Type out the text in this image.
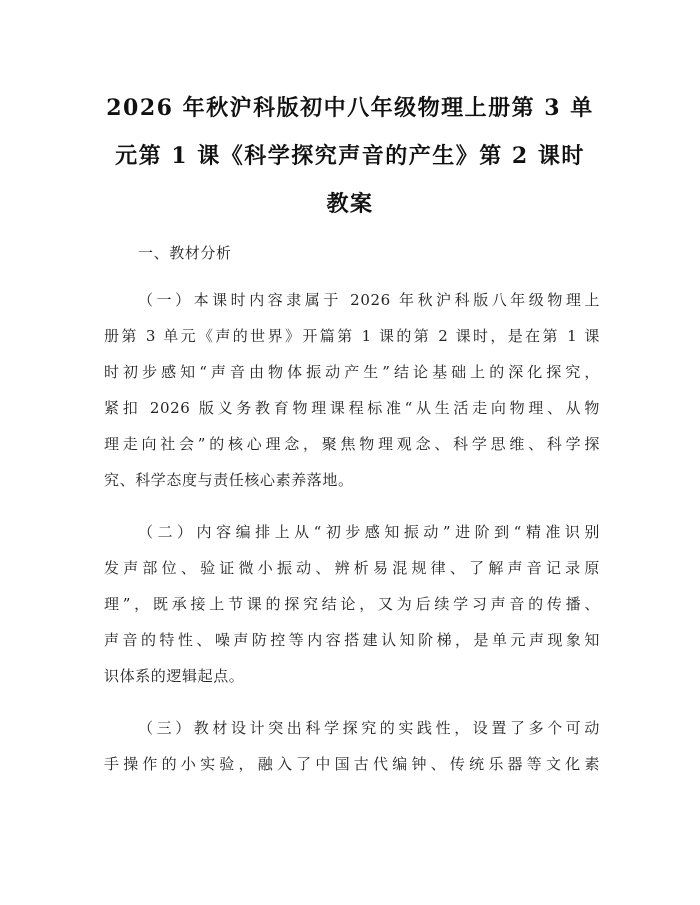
2026 年秋沪科版初中八年级物理上册第 3 单
元第 1 课《科学探究声音的产生》第 2 课时
教案
一、教材分析
（一）本课时内容隶属于 2026 年秋沪科版八年级物理上
册第 3 单元《声的世界》开篇第 1 课的第 2 课时，是在第 1 课
时初步感知“声音由物体振动产生”结论基础上的深化探究，
紧扣 2026 版义务教育物理课程标准“从生活走向物理、从物
理走向社会”的核心理念，聚焦物理观念、科学思维、科学探
究、科学态度与责任核心素养落地。
（二）内容编排上从“初步感知振动”进阶到“精准识别
发声部位、验证微小振动、辨析易混规律、了解声音记录原
理”，既承接上节课的探究结论，又为后续学习声音的传播、
声音的特性、噪声防控等内容搭建认知阶梯，是单元声现象知
识体系的逻辑起点。
（三）教材设计突出科学探究的实践性，设置了多个可动
手操作的小实验，融入了中国古代编钟、传统乐器等文化素
